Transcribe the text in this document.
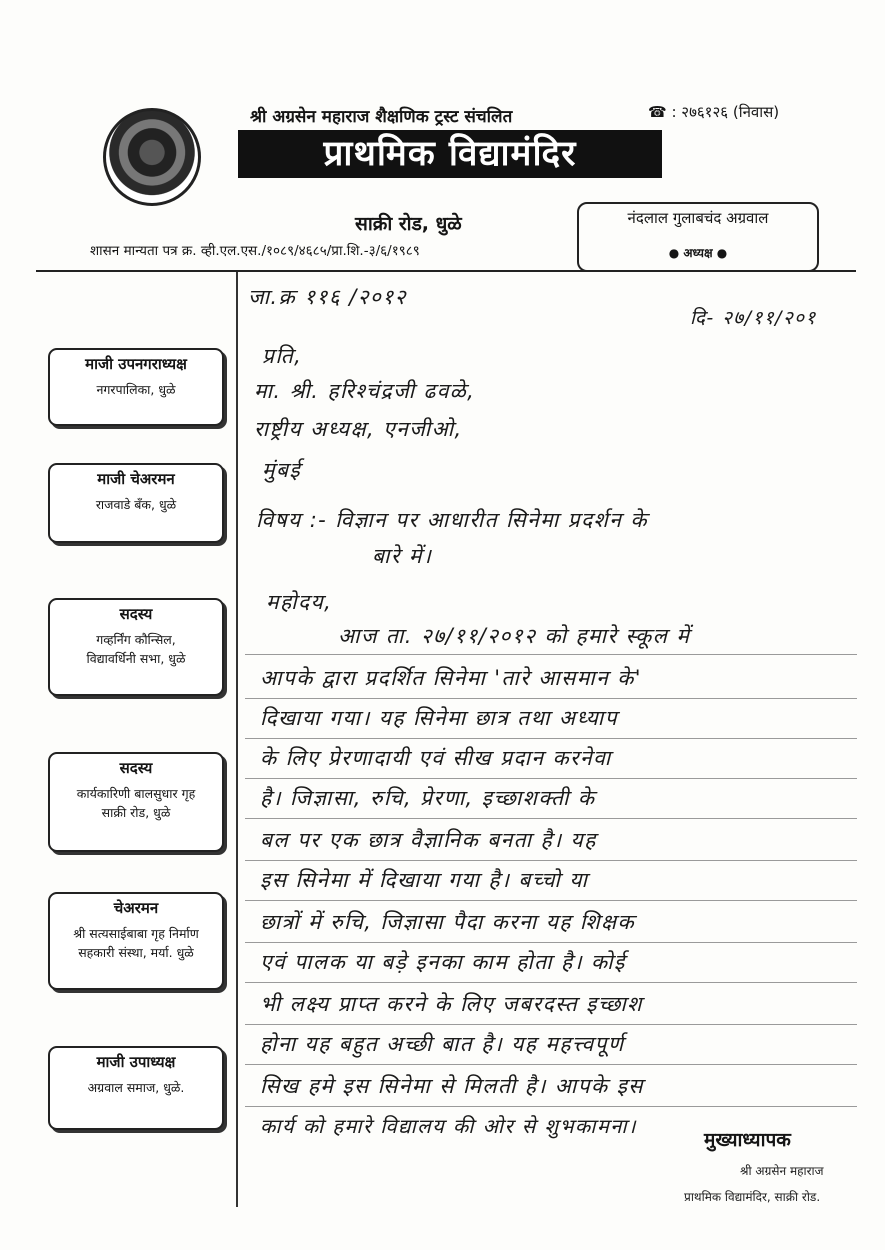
श्री अग्रसेन महाराज शैक्षणिक ट्रस्ट संचलित	☎ : २७६१२६ (निवास)
प्राथमिक विद्यामंदिर
साक्री रोड, धुळे
शासन मान्यता पत्र क्र. व्ही.एल.एस./१०८९/४६८५/प्रा.शि.-३/६/१९८९
नंदलाल गुलाबचंद अग्रवाल
● अध्यक्ष ●
माजी उपनगराध्यक्ष
नगरपालिका, धुळे
माजी चेअरमन
राजवाडे बँक, धुळे
सदस्य
गव्हर्निंग कौन्सिल,
विद्यावर्धिनी सभा, धुळे
सदस्य
कार्यकारिणी बालसुधार गृह
साक्री रोड, धुळे
चेअरमन
श्री सत्यसाईबाबा गृह निर्माण
सहकारी संस्था, मर्या. धुळे
माजी उपाध्यक्ष
अग्रवाल समाज, धुळे.
जा.क्र ११६ /२०१२
दि- २७/११/२०१
प्रति,
मा. श्री. हरिश्चंद्रजी ढवळे,
राष्ट्रीय अध्यक्ष, एनजीओ,
मुंबई
विषय :- विज्ञान पर आधारीत सिनेमा प्रदर्शन के
बारे में।
महोदय,
आज ता. २७/११/२०१२ को हमारे स्कूल में
आपके द्वारा प्रदर्शित सिनेमा 'तारे आसमान के'
दिखाया गया। यह सिनेमा छात्र तथा अध्याप
के लिए प्रेरणादायी एवं सीख प्रदान करनेवा
है। जिज्ञासा, रुचि, प्रेरणा, इच्छाशक्ती के
बल पर एक छात्र वैज्ञानिक बनता है। यह
इस सिनेमा में दिखाया गया है। बच्चो या
छात्रों में रुचि, जिज्ञासा पैदा करना यह शिक्षक
एवं पालक या बड़े इनका काम होता है। कोई
भी लक्ष्य प्राप्त करने के लिए जबरदस्त इच्छाश
होना यह बहुत अच्छी बात है। यह महत्त्वपूर्ण
सिख हमे इस सिनेमा से मिलती है। आपके इस
कार्य को हमारे विद्यालय की ओर से शुभकामना।
मुख्याध्यापक
श्री अग्रसेन महाराज
प्राथमिक विद्यामंदिर, साक्री रोड.
